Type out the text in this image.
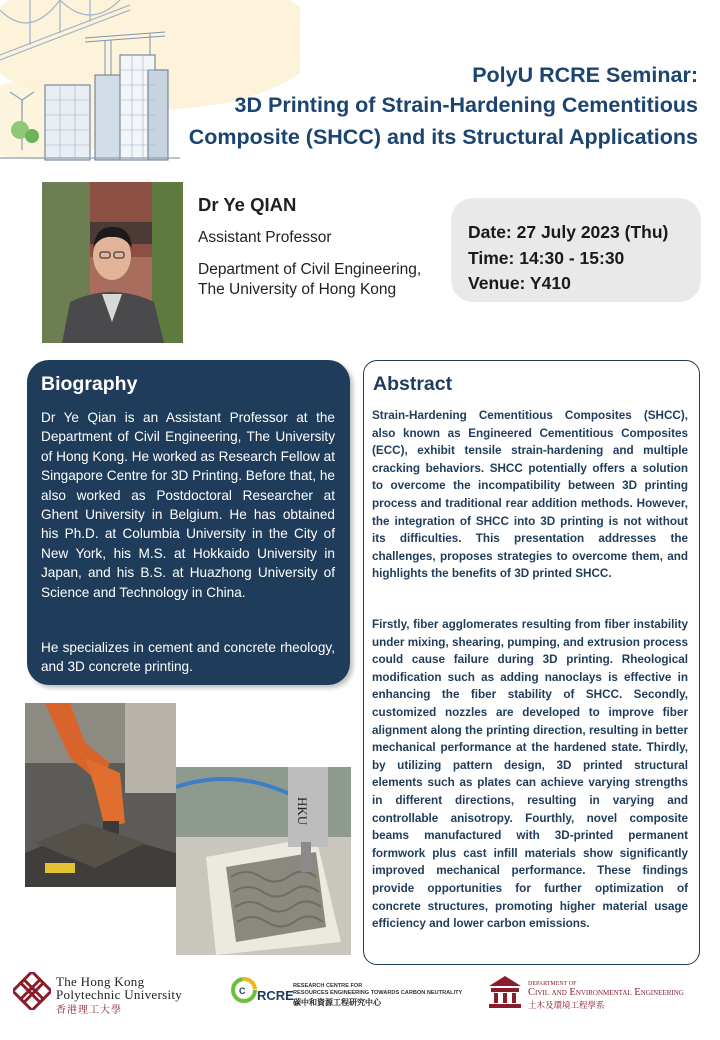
PolyU RCRE Seminar:
3D Printing of Strain-Hardening Cementitious
Composite (SHCC) and its Structural Applications
Dr Ye QIAN
Assistant Professor
Department of Civil Engineering,
The University of Hong Kong
Date: 27 July 2023 (Thu)
Time: 14:30 - 15:30
Venue: Y410
Biography
Dr Ye Qian is an Assistant Professor at the Department of Civil Engineering, The University of Hong Kong. He worked as Research Fellow at Singapore Centre for 3D Printing. Before that, he also worked as Postdoctoral Researcher at Ghent University in Belgium. He has obtained his Ph.D. at Columbia University in the City of New York, his M.S. at Hokkaido University in Japan, and his B.S. at Huazhong University of Science and Technology in China.
He specializes in cement and concrete rheology, and 3D concrete printing.
Abstract
Strain-Hardening Cementitious Composites (SHCC), also known as Engineered Cementitious Composites (ECC), exhibit tensile strain-hardening and multiple cracking behaviors. SHCC potentially offers a solution to overcome the incompatibility between 3D printing process and traditional rear addition methods. However, the integration of SHCC into 3D printing is not without its difficulties. This presentation addresses the challenges, proposes strategies to overcome them, and highlights the benefits of 3D printed SHCC.
Firstly, fiber agglomerates resulting from fiber instability under mixing, shearing, pumping, and extrusion process could cause failure during 3D printing. Rheological modification such as adding nanoclays is effective in enhancing the fiber stability of SHCC. Secondly, customized nozzles are developed to improve fiber alignment along the printing direction, resulting in better mechanical performance at the hardened state. Thirdly, by utilizing pattern design, 3D printed structural elements such as plates can achieve varying strengths in different directions, resulting in varying and controllable anisotropy. Fourthly, novel composite beams manufactured with 3D-printed permanent formwork plus cast infill materials show significantly improved mechanical performance. These findings provide opportunities for further optimization of concrete structures, promoting higher material usage efficiency and lower carbon emissions.
HKU
The Hong Kong
Polytechnic University
香港理工大學
C RCRE
RESEARCH CENTRE FOR
RESOURCES ENGINEERING TOWARDS CARBON NEUTRALITY
碳中和資源工程研究中心
DEPARTMENT OF
Civil and Environmental Engineering
土木及環境工程學系
